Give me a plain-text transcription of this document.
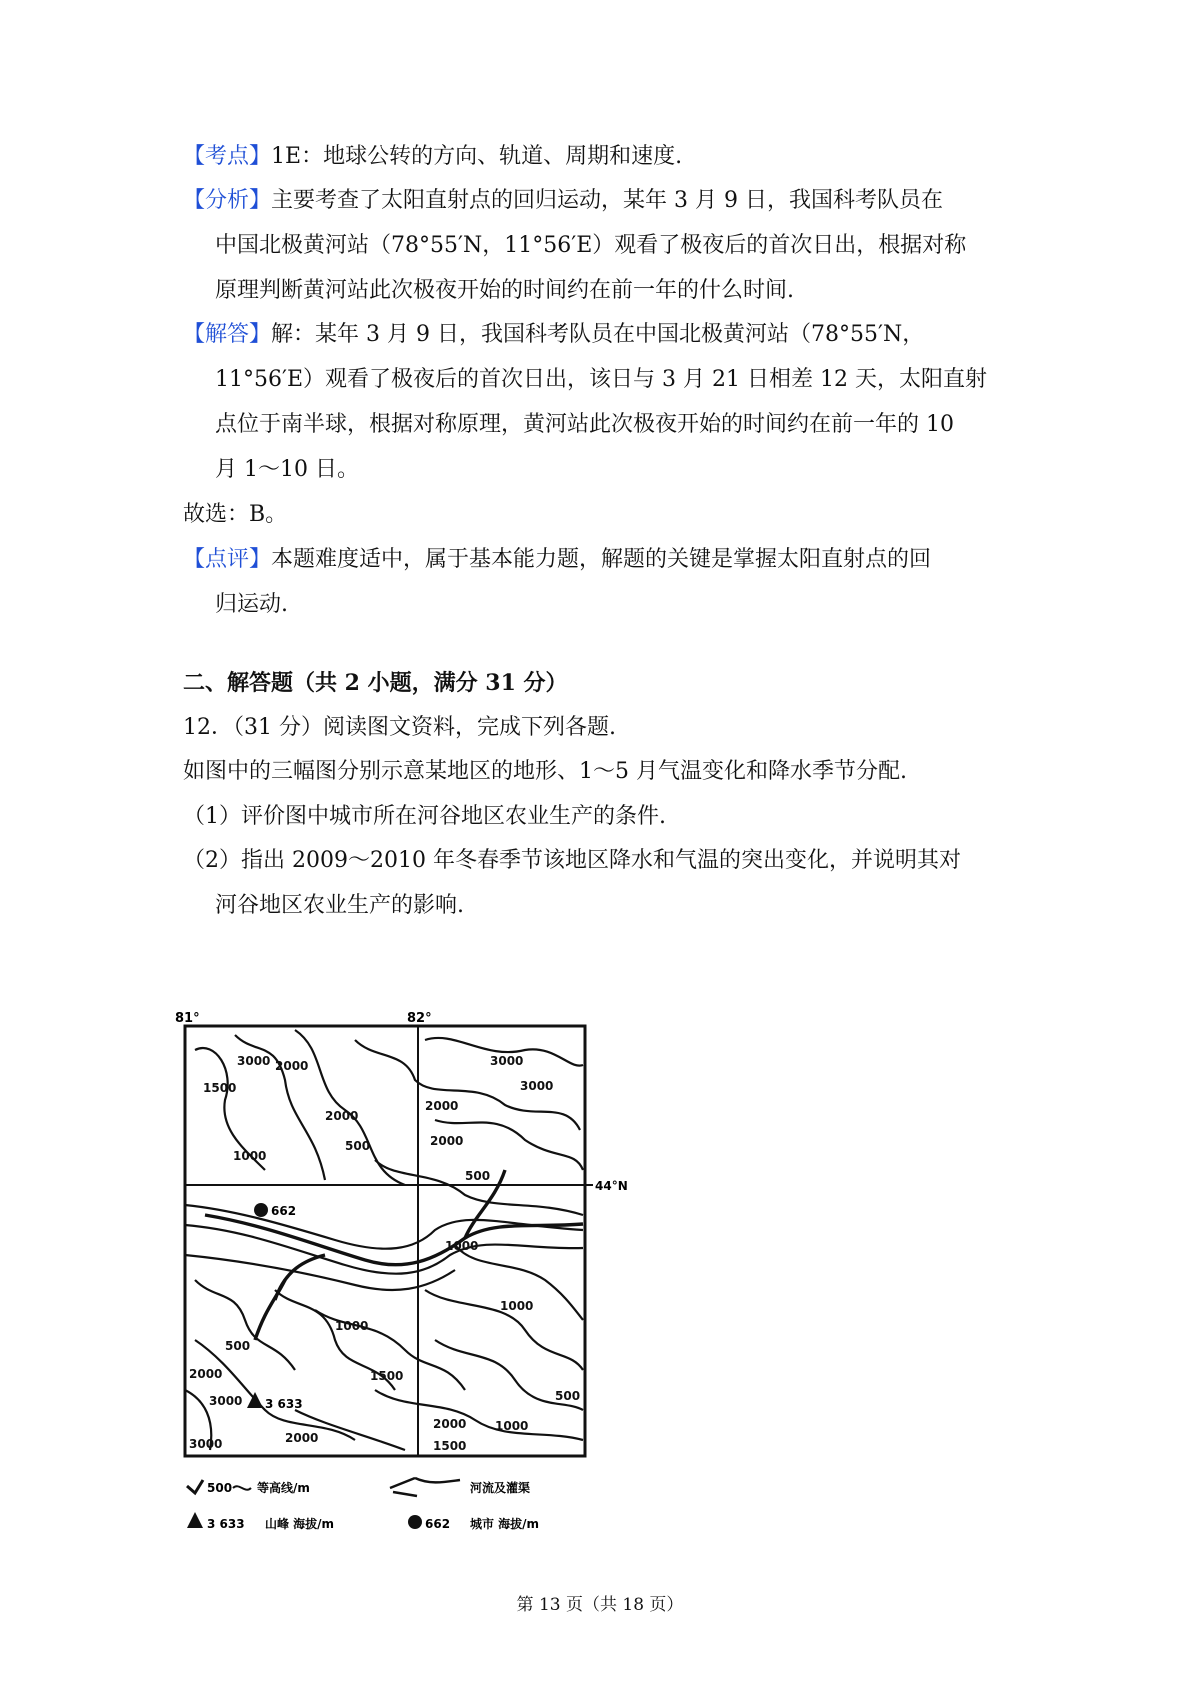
【考点】1E：地球公转的方向、轨道、周期和速度.
【分析】主要考查了太阳直射点的回归运动，某年 3 月 9 日，我国科考队员在
中国北极黄河站（78°55′N，11°56′E）观看了极夜后的首次日出，根据对称
原理判断黄河站此次极夜开始的时间约在前一年的什么时间.
【解答】解：某年 3 月 9 日，我国科考队员在中国北极黄河站（78°55′N，
11°56′E）观看了极夜后的首次日出，该日与 3 月 21 日相差 12 天，太阳直射
点位于南半球，根据对称原理，黄河站此次极夜开始的时间约在前一年的 10
月 1～10 日。
故选：B。
【点评】本题难度适中，属于基本能力题，解题的关键是掌握太阳直射点的回
归运动.
二、解答题（共 2 小题，满分 31 分）
12．（31 分）阅读图文资料，完成下列各题.
如图中的三幅图分别示意某地区的地形、1～5 月气温变化和降水季节分配.
（1）评价图中城市所在河谷地区农业生产的条件.
（2）指出 2009～2010 年冬春季节该地区降水和气温的突出变化，并说明其对
河谷地区农业生产的影响.
81°	82°
44°N
662
3 633
3000 2000
1500
2000
1000
2000
500
3000
2000
3000
500
1000
1000
1000
500
1500
2000
3000
2000
3000
2000
1500
500
1000
500 等高线/m	河流及灌渠
3 633 山峰 海拔/m	662 城市 海拔/m
第 13 页（共 18 页）
